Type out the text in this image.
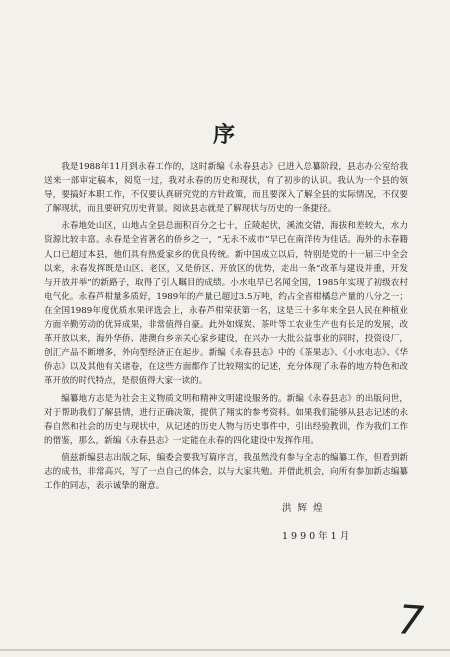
序

我是1988年11月到永春工作的，这时新编《永春县志》已进入总纂阶段，县志办公室给我送来一部审定稿本，阅览一过，我对永春的历史和现状，有了初步的认识。我认为一个县的领导，要搞好本职工作，不仅要认真研究党的方针政策，而且要深入了解全县的实际情况，不仅要了解现状，而且要研究历史背景。阅读县志就是了解现状与历史的一条捷径。

永春地处山区，山地占全县总面积百分之七十，丘陵起伏，溪流交错，海拔和差较大，水力资源比较丰富。永春是全省著名的侨乡之一，“无永不成市”早已在南洋传为佳话。海外的永春籍人口已超过本县，他们具有热爱家乡的优良传统。新中国成立以后，特别是党的十一届三中全会以来，永春发挥既是山区、老区，又是侨区、开放区的优势，走出一条“改革与建设并重，开发与开放并举”的新路子，取得了引人瞩目的成绩。小水电早已名闻全国，1985年实现了初级农村电气化。永春芦柑量多质好，1989年的产量已超过3.5万吨，约占全省柑橘总产量的八分之一；在全国1989年度优质水果评选会上，永春芦柑荣获第一名，这是三十多年来全县人民在种植业方面辛勤劳动的优异成果，非常值得自豪。此外如煤炭、茶叶等工农业生产也有长足的发展，改革开放以来，海外华侨、港澳台乡亲关心家乡建设，在兴办一大批公益事业的同时，投资设厂，创汇产品不断增多，外向型经济正在起步。新编《永春县志》中的《茶果志》、《小水电志》、《华侨志》以及其他有关诸卷，在这些方面都作了比较翔实的记述，充分体现了永春的地方特色和改革开放的时代特点，是很值得大家一读的。

编纂地方志是为社会主义物质文明和精神文明建设服务的。新编《永春县志》的出版问世，对于帮助我们了解县情，进行正确决策，提供了翔实的参考资料。如果我们能够从县志记述的永春自然和社会的历史与现状中，从记述的历史人物与历史事件中，引出经验教训，作为我们工作的借鉴，那么，新编《永春县志》一定能在永春的四化建设中发挥作用。

值兹新编县志出版之际，编委会要我写篇序言，我虽然没有参与全志的编纂工作，但看到新志的成书，非常高兴，写了一点自己的体会，以与大家共勉。并借此机会，向所有参加新志编纂工作的同志，表示诚挚的谢意。

洪辉煌
1990年1月
7
